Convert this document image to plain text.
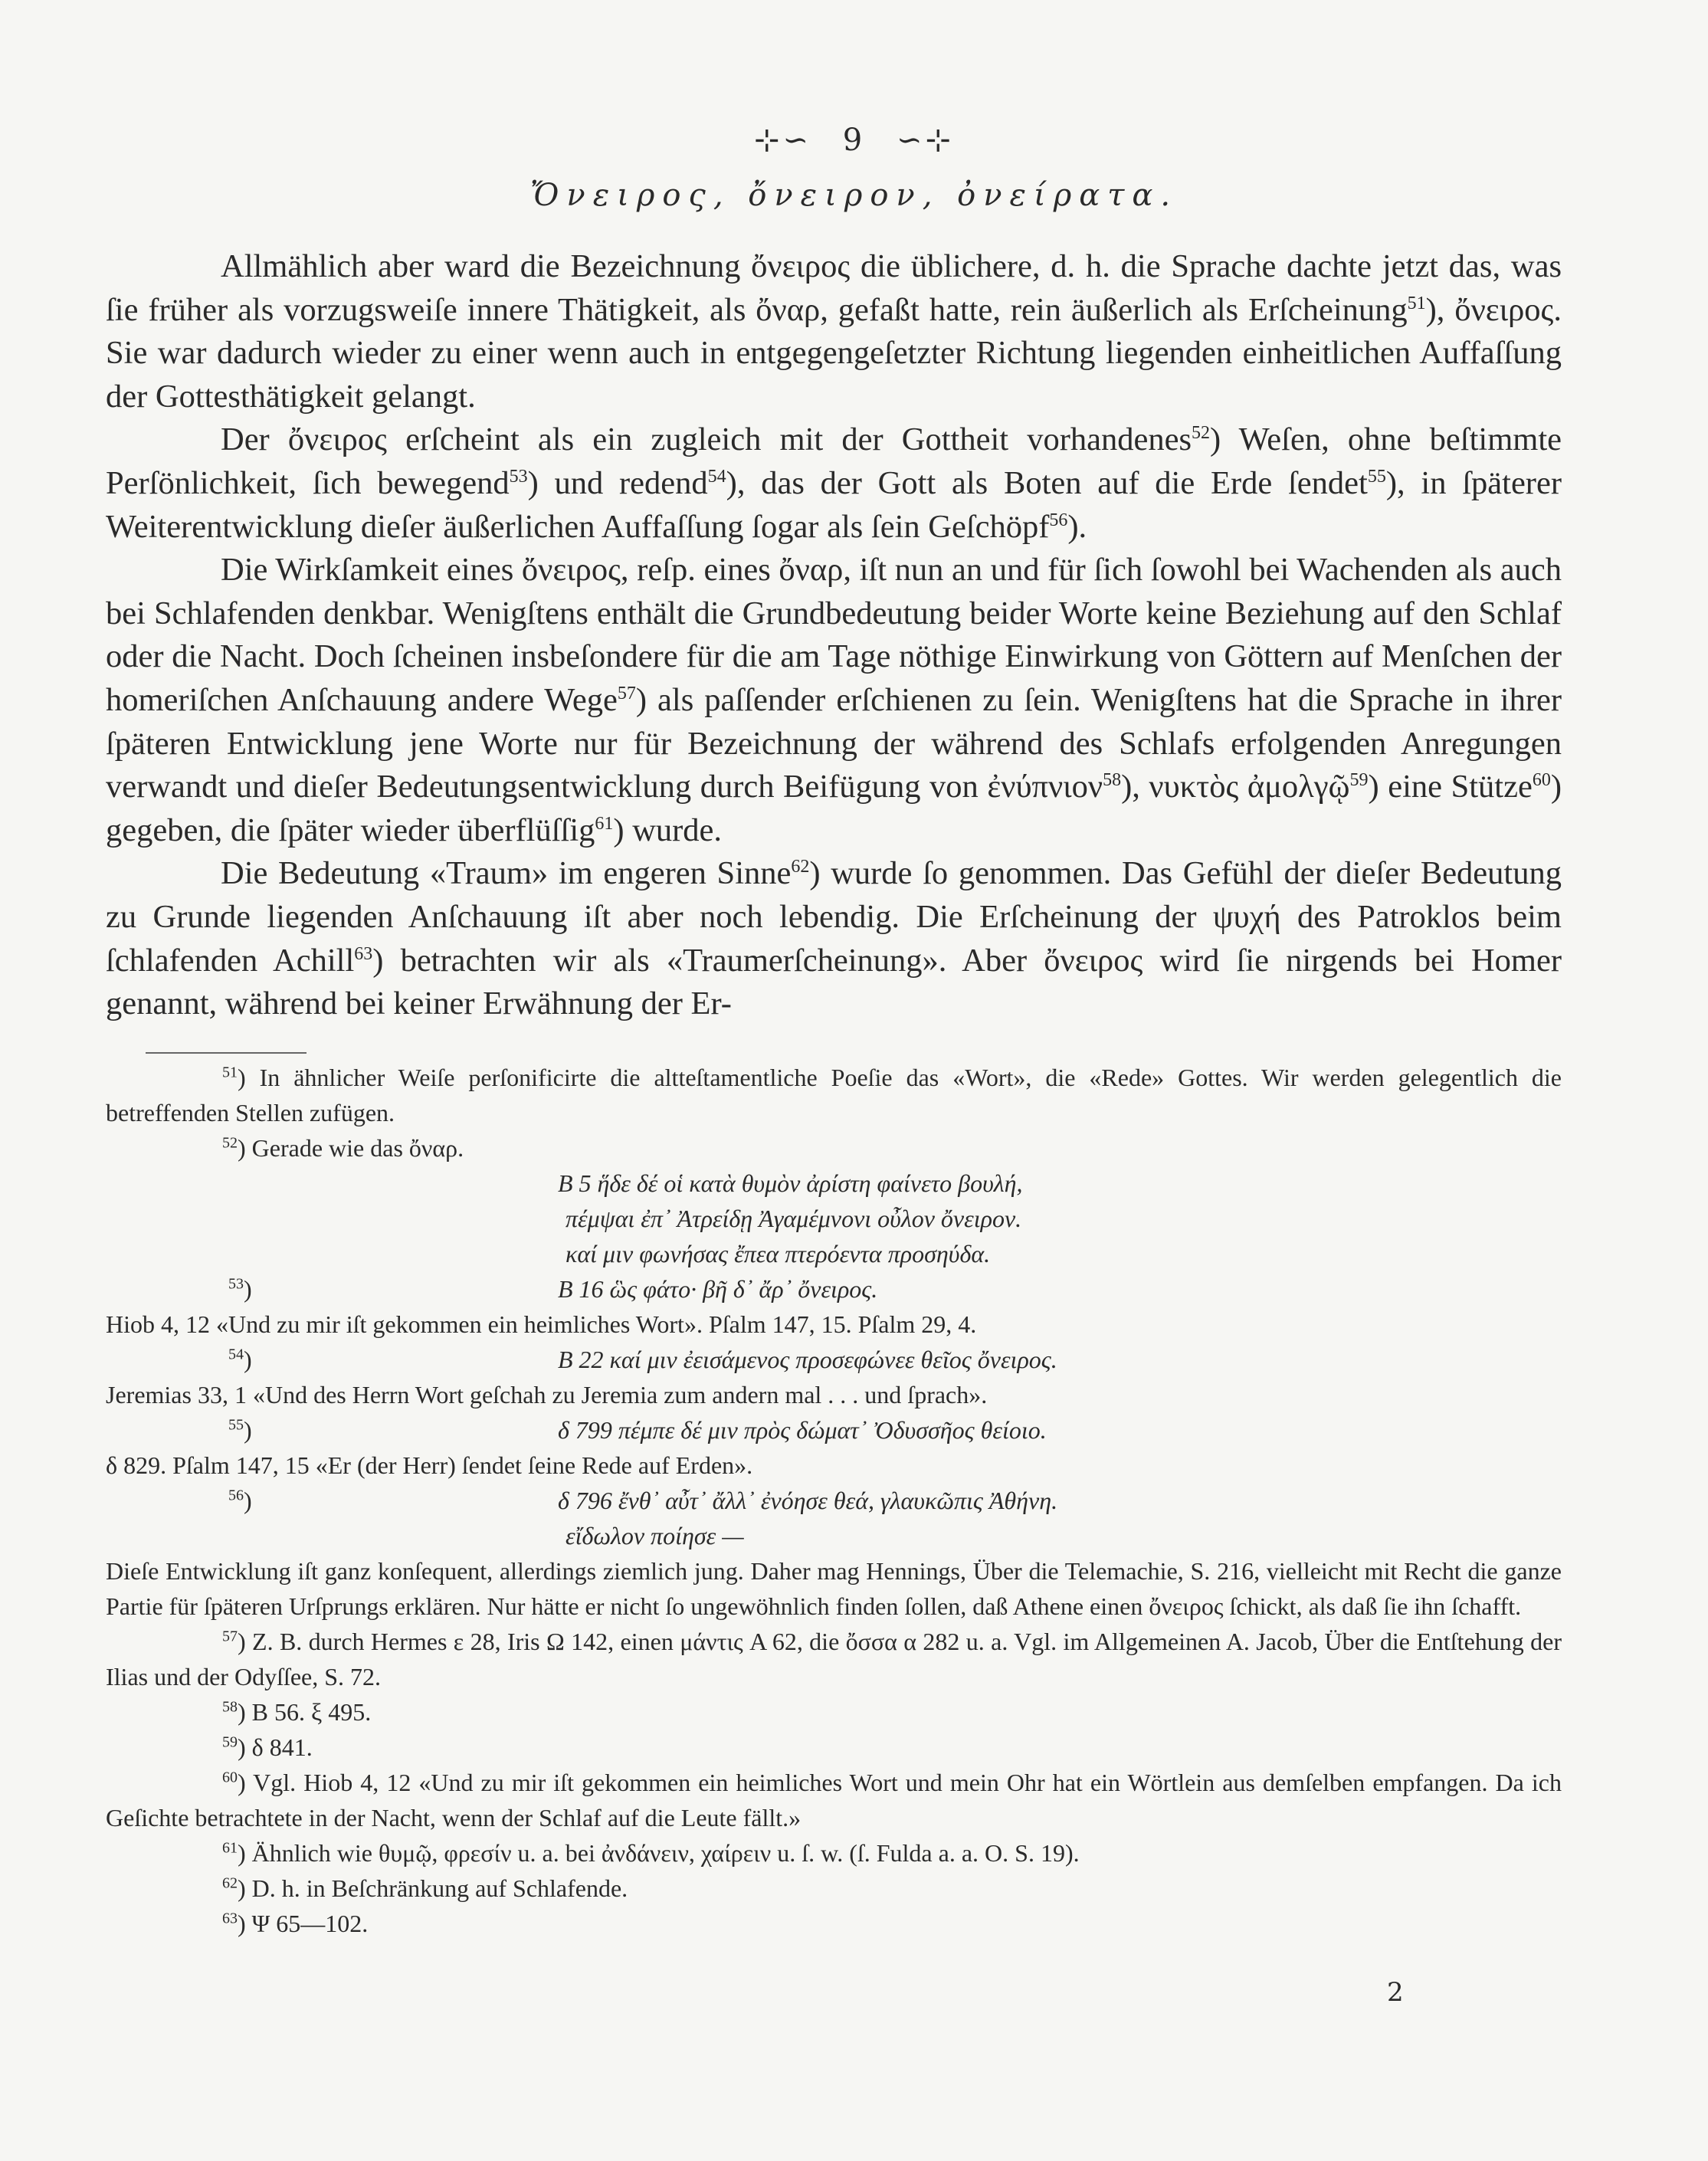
⊹∽ 9 ∽⊹
Ὄνειρος, ὄνειρον, ὀνείρατα.

Allmählich aber ward die Bezeichnung ὄνειρος die üblichere, d. h. die Sprache dachte jetzt das, was ſie früher als vorzugsweiſe innere Thätigkeit, als ὄναρ, gefaßt hatte, rein äußerlich als Erſcheinung$^{51}$), ὄνειρος. Sie war dadurch wieder zu einer wenn auch in entgegengeſetzter Richtung liegenden einheitlichen Auffaſſung der Gottesthätigkeit gelangt.

Der ὄνειρος erſcheint als ein zugleich mit der Gottheit vorhandenes$^{52}$) Weſen, ohne beſtimmte Perſönlichkeit, ſich bewegend$^{53}$) und redend$^{54}$), das der Gott als Boten auf die Erde ſendet$^{55}$), in ſpäterer Weiterentwicklung dieſer äußerlichen Auffaſſung ſogar als ſein Geſchöpf$^{56}$).

Die Wirkſamkeit eines ὄνειρος, reſp. eines ὄναρ, iſt nun an und für ſich ſowohl bei Wachenden als auch bei Schlafenden denkbar. Wenigſtens enthält die Grundbedeutung beider Worte keine Beziehung auf den Schlaf oder die Nacht. Doch ſcheinen insbeſondere für die am Tage nöthige Einwirkung von Göttern auf Menſchen der homeriſchen Anſchauung andere Wege$^{57}$) als paſſender erſchienen zu ſein. Wenigſtens hat die Sprache in ihrer ſpäteren Entwicklung jene Worte nur für Bezeichnung der während des Schlafs erfolgenden Anregungen verwandt und dieſer Bedeutungsentwicklung durch Beifügung von ἐνύπνιον$^{58}$), νυκτὸς ἀμολγῷ$^{59}$) eine Stütze$^{60}$) gegeben, die ſpäter wieder überflüſſig$^{61}$) wurde.

Die Bedeutung «Traum» im engeren Sinne$^{62}$) wurde ſo genommen. Das Gefühl der dieſer Bedeutung zu Grunde liegenden Anſchauung iſt aber noch lebendig. Die Erſcheinung der ψυχή des Patroklos beim ſchlafenden Achill$^{63}$) betrachten wir als «Traumerſcheinung». Aber ὄνειρος wird ſie nirgends bei Homer genannt, während bei keiner Erwähnung der Er-

$^{51}$) In ähnlicher Weiſe perſonificirte die altteſtamentliche Poeſie das «Wort», die «Rede» Gottes. Wir werden gelegentlich die betreffenden Stellen zufügen.

$^{52}$) Gerade wie das ὄναρ.

B 5 ἥδε δέ οἱ κατὰ θυμὸν ἀρίστη φαίνετο βουλή,

πέμψαι ἐπ᾽ Ἀτρείδῃ Ἀγαμέμνονι οὖλον ὄνειρον.

καί μιν φωνήσας ἔπεα πτερόεντα προσηύδα.

$^{53}$)	B 16 ὣς φάτο· βῆ δ᾽ ἄρ᾽ ὄνειρος.

Hiob 4, 12 «Und zu mir iſt gekommen ein heimliches Wort». Pſalm 147, 15. Pſalm 29, 4.

$^{54}$)	B 22 καί μιν ἐεισάμενος προσεφώνεε θεῖος ὄνειρος.

Jeremias 33, 1 «Und des Herrn Wort geſchah zu Jeremia zum andern mal . . . und ſprach».

$^{55}$)	δ 799 πέμπε δέ μιν πρὸς δώματ᾽ Ὀδυσσῆος θείοιο.

δ 829. Pſalm 147, 15 «Er (der Herr) ſendet ſeine Rede auf Erden».

$^{56}$)	δ 796 ἔνθ᾽ αὖτ᾽ ἄλλ᾽ ἐνόησε θεά, γλαυκῶπις Ἀθήνη.

εἴδωλον ποίησε —

Dieſe Entwicklung iſt ganz konſequent, allerdings ziemlich jung. Daher mag Hennings, Über die Telemachie, S. 216, vielleicht mit Recht die ganze Partie für ſpäteren Urſprungs erklären. Nur hätte er nicht ſo ungewöhnlich finden ſollen, daß Athene einen ὄνειρος ſchickt, als daß ſie ihn ſchafft.

$^{57}$) Z. B. durch Hermes ε 28, Iris Ω 142, einen μάντις A 62, die ὄσσα α 282 u. a. Vgl. im Allgemeinen A. Jacob, Über die Entſtehung der Ilias und der Odyſſee, S. 72.

$^{58}$) B 56. ξ 495.

$^{59}$) δ 841.

$^{60}$) Vgl. Hiob 4, 12 «Und zu mir iſt gekommen ein heimliches Wort und mein Ohr hat ein Wörtlein aus demſelben empfangen. Da ich Geſichte betrachtete in der Nacht, wenn der Schlaf auf die Leute fällt.»

$^{61}$) Ähnlich wie θυμῷ, φρεσίν u. a. bei ἀνδάνειν, χαίρειν u. ſ. w. (ſ. Fulda a. a. O. S. 19).

$^{62}$) D. h. in Beſchränkung auf Schlafende.

$^{63}$) Ψ 65—102.

2
